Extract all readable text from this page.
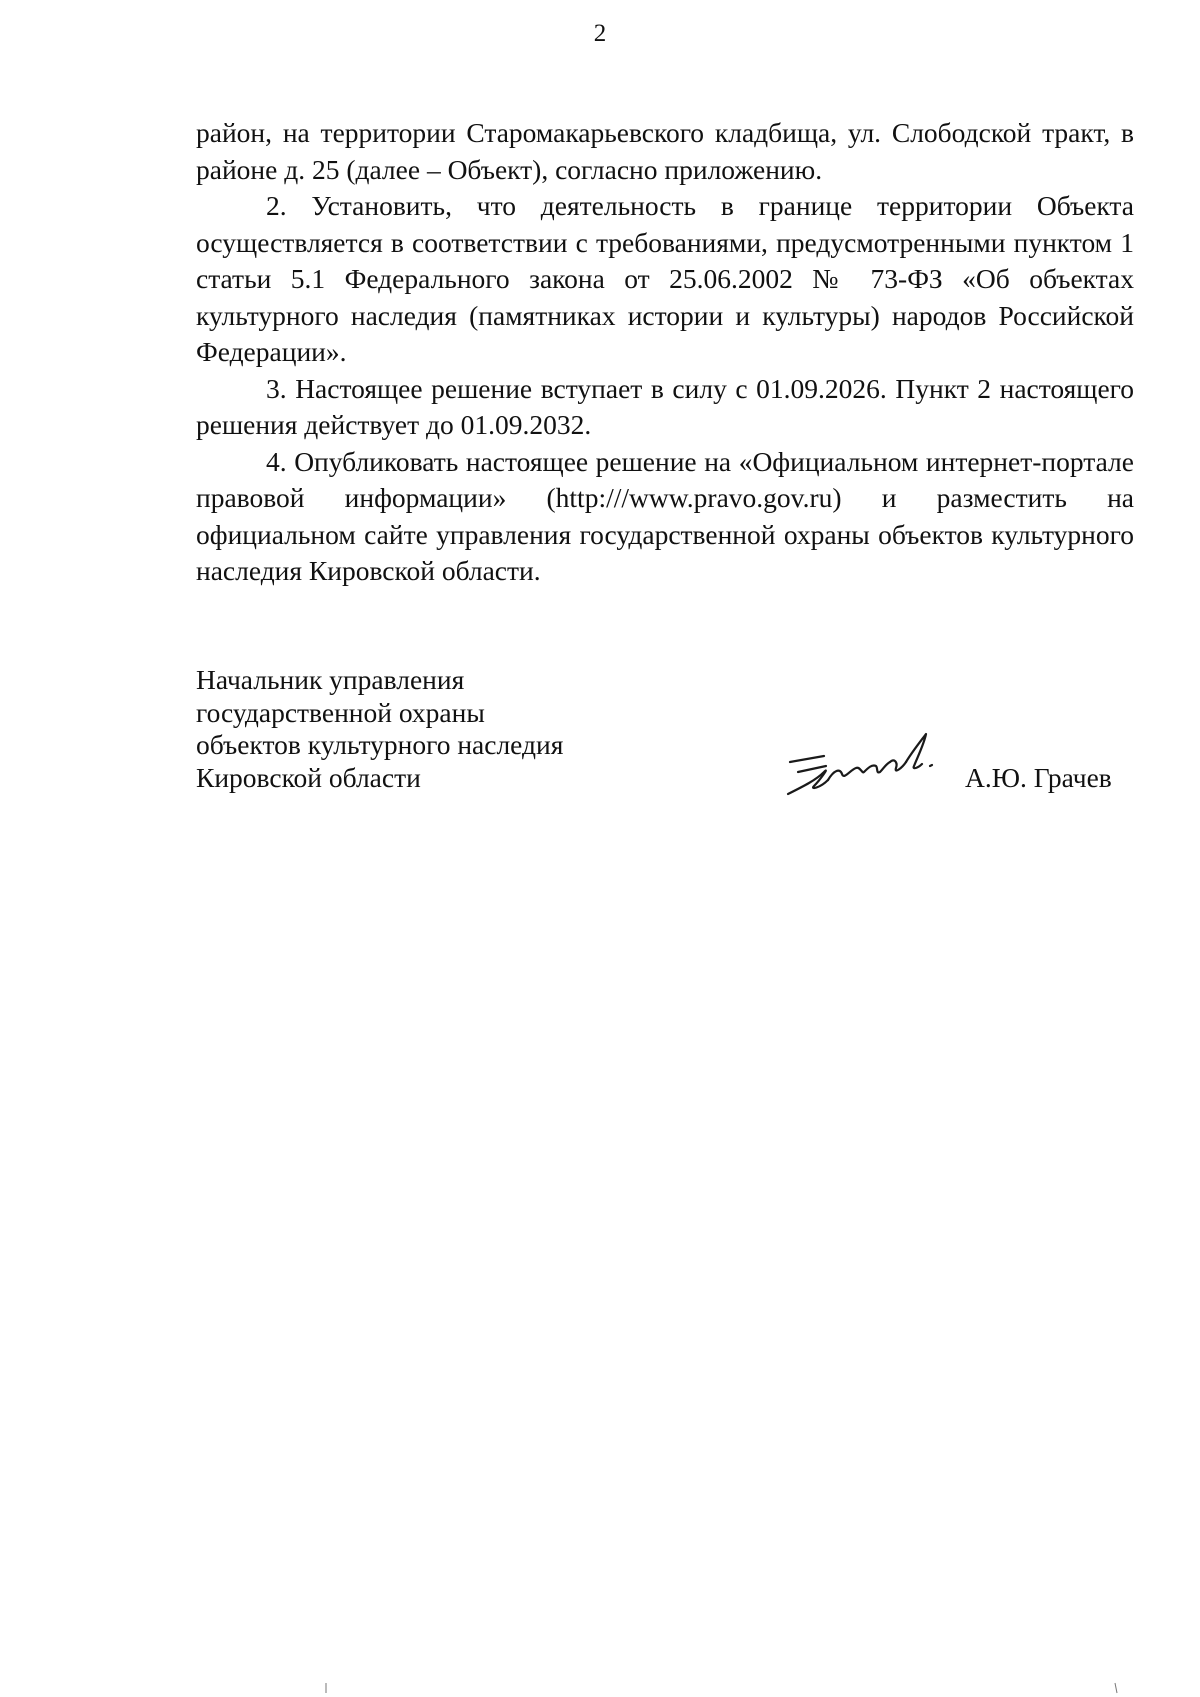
2

район, на территории Старомакарьевского кладбища, ул. Слободской тракт, в районе д. 25 (далее – Объект), согласно приложению.

2. Установить, что деятельность в границе территории Объекта осуществляется в соответствии с требованиями, предусмотренными пунктом 1 статьи 5.1 Федерального закона от 25.06.2002 № 73-ФЗ «Об объектах культурного наследия (памятниках истории и культуры) народов Российской Федерации».

3. Настоящее решение вступает в силу с 01.09.2026. Пункт 2 настоящего решения действует до 01.09.2032.

4. Опубликовать настоящее решение на «Официальном интернет-портале правовой информации» (http:///www.pravo.gov.ru) и разместить на официальном сайте управления государственной охраны объектов культурного наследия Кировской области.

Начальник управления
государственной охраны
объектов культурного наследия
Кировской области	А.Ю. Грачев
